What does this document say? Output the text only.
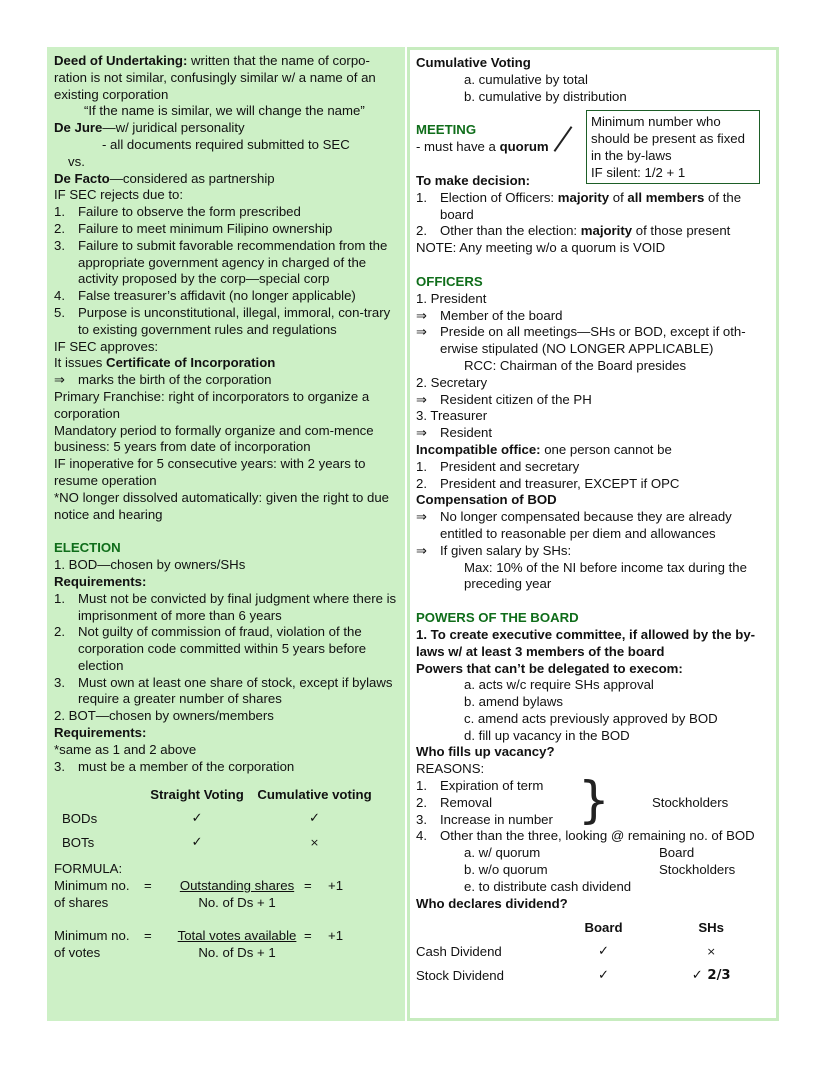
Deed of Undertaking: written that the name of corpo-ration is not similar, confusingly similar w/ a name of an existing corporation

“If the name is similar, we will change the name”

De Jure—w/ juridical personality

- all documents required submitted to SEC

vs.

De Facto—considered as partnership

IF SEC rejects due to:

1. Failure to observe the form prescribed
2. Failure to meet minimum Filipino ownership
3. Failure to submit favorable recommendation from the appropriate government agency in charged of the activity proposed by the corp—special corp
4. False treasurer’s affidavit (no longer applicable)
5. Purpose is unconstitutional, illegal, immoral, con-trary to existing government rules and regulations

IF SEC approves:

It issues Certificate of Incorporation

⇒ marks the birth of the corporation

Primary Franchise: right of incorporators to organize a corporation

Mandatory period to formally organize and com-mence business: 5 years from date of incorporation

IF inoperative for 5 consecutive years: with 2 years to resume operation

*NO longer dissolved automatically: given the right to due notice and hearing

ELECTION

1. BOD—chosen by owners/SHs

Requirements:

1. Must not be convicted by final judgment where there is imprisonment of more than 6 years
2. Not guilty of commission of fraud, violation of the corporation code committed within 5 years before election
3. Must own at least one share of stock, except if bylaws require a greater number of shares

2. BOT—chosen by owners/members

Requirements:

*same as 1 and 2 above

3. must be a member of the corporation
	Straight Voting	Cumulative voting
BODs	✓	✓
BOTs	✓	×

FORMULA:

Minimum no.
of shares
=	Outstanding shares
No. of Ds + 1
=	+1
Minimum no.
of votes
=	Total votes available
No. of Ds + 1
=	+1

Cumulative Voting

a. cumulative by total

b. cumulative by distribution

MEETING

- must have a quorum

Minimum number who should be present as fixed in the by-laws
IF silent: 1/2 + 1

To make decision:

1. Election of Officers: majority of all members of the board
2. Other than the election: majority of those present

NOTE: Any meeting w/o a quorum is VOID

OFFICERS

1. President

⇒ Member of the board
⇒ Preside on all meetings—SHs or BOD, except if oth-erwise stipulated (NO LONGER APPLICABLE)

RCC: Chairman of the Board presides

2. Secretary

⇒ Resident citizen of the PH

3. Treasurer

⇒ Resident

Incompatible office: one person cannot be

1. President and secretary
2. President and treasurer, EXCEPT if OPC

Compensation of BOD

⇒ No longer compensated because they are already entitled to reasonable per diem and allowances
⇒ If given salary by SHs:

Max: 10% of the NI before income tax during the preceding year

POWERS OF THE BOARD

1. To create executive committee, if allowed by the by-laws w/ at least 3 members of the board

Powers that can’t be delegated to execom:

a. acts w/c require SHs approval

b. amend bylaws

c. amend acts previously approved by BOD

d. fill up vacancy in the BOD

Who fills up vacancy?

REASONS:

1. Expiration of term
2. Removal
3. Increase in number }	Stockholders
4. Other than the three, looking @ remaining no. of BOD
a. w/ quorum	Board
b. w/o quorum	Stockholders

e. to distribute cash dividend

Who declares dividend?

	Board	SHs
Cash Dividend	✓	×
Stock Dividend	✓	✓ 2/3
